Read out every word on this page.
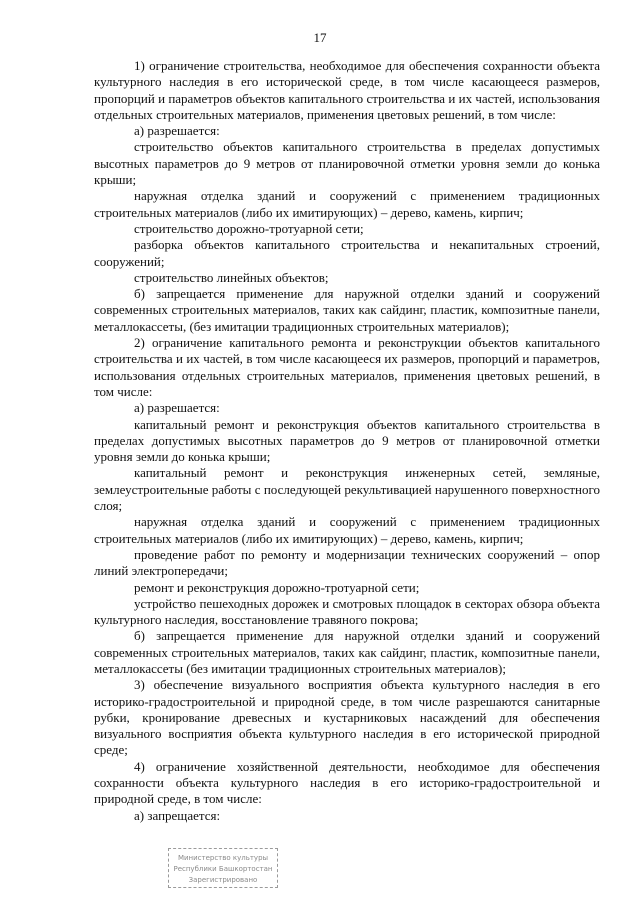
17

1) ограничение строительства, необходимое для обеспечения сохранности объекта культурного наследия в его исторической среде, в том числе касающееся размеров, пропорций и параметров объектов капитального строительства и их частей, использования отдельных строительных материалов, применения цветовых решений, в том числе:

а) разрешается:

строительство объектов капитального строительства в пределах допустимых высотных параметров до 9 метров от планировочной отметки уровня земли до конька крыши;

наружная отделка зданий и сооружений с применением традиционных строительных материалов (либо их имитирующих) – дерево, камень, кирпич;

строительство дорожно-тротуарной сети;

разборка объектов капитального строительства и некапитальных строений, сооружений;

строительство линейных объектов;

б) запрещается применение для наружной отделки зданий и сооружений современных строительных материалов, таких как сайдинг, пластик, композитные панели, металлокассеты, (без имитации традиционных строительных материалов);

2) ограничение капитального ремонта и реконструкции объектов капитального строительства и их частей, в том числе касающееся их размеров, пропорций и параметров, использования отдельных строительных материалов, применения цветовых решений, в том числе:

а) разрешается:

капитальный ремонт и реконструкция объектов капитального строительства в пределах допустимых высотных параметров до 9 метров от планировочной отметки уровня земли до конька крыши;

капитальный ремонт и реконструкция инженерных сетей, земляные, землеустроительные работы с последующей рекультивацией нарушенного поверхностного слоя;

наружная отделка зданий и сооружений с применением традиционных строительных материалов (либо их имитирующих) – дерево, камень, кирпич;

проведение работ по ремонту и модернизации технических сооружений – опор линий электропередачи;

ремонт и реконструкция дорожно-тротуарной сети;

устройство пешеходных дорожек и смотровых площадок в секторах обзора объекта культурного наследия, восстановление травяного покрова;

б) запрещается применение для наружной отделки зданий и сооружений современных строительных материалов, таких как сайдинг, пластик, композитные панели, металлокассеты (без имитации традиционных строительных материалов);

3) обеспечение визуального восприятия объекта культурного наследия в его историко-градостроительной и природной среде, в том числе разрешаются санитарные рубки, кронирование древесных и кустарниковых насаждений для обеспечения визуального восприятия объекта культурного наследия в его исторической природной среде;

4) ограничение хозяйственной деятельности, необходимое для обеспечения сохранности объекта культурного наследия в его историко-градостроительной и природной среде, в том числе:

а) запрещается:

Министерство культуры
Республики Башкортостан
Зарегистрировано
